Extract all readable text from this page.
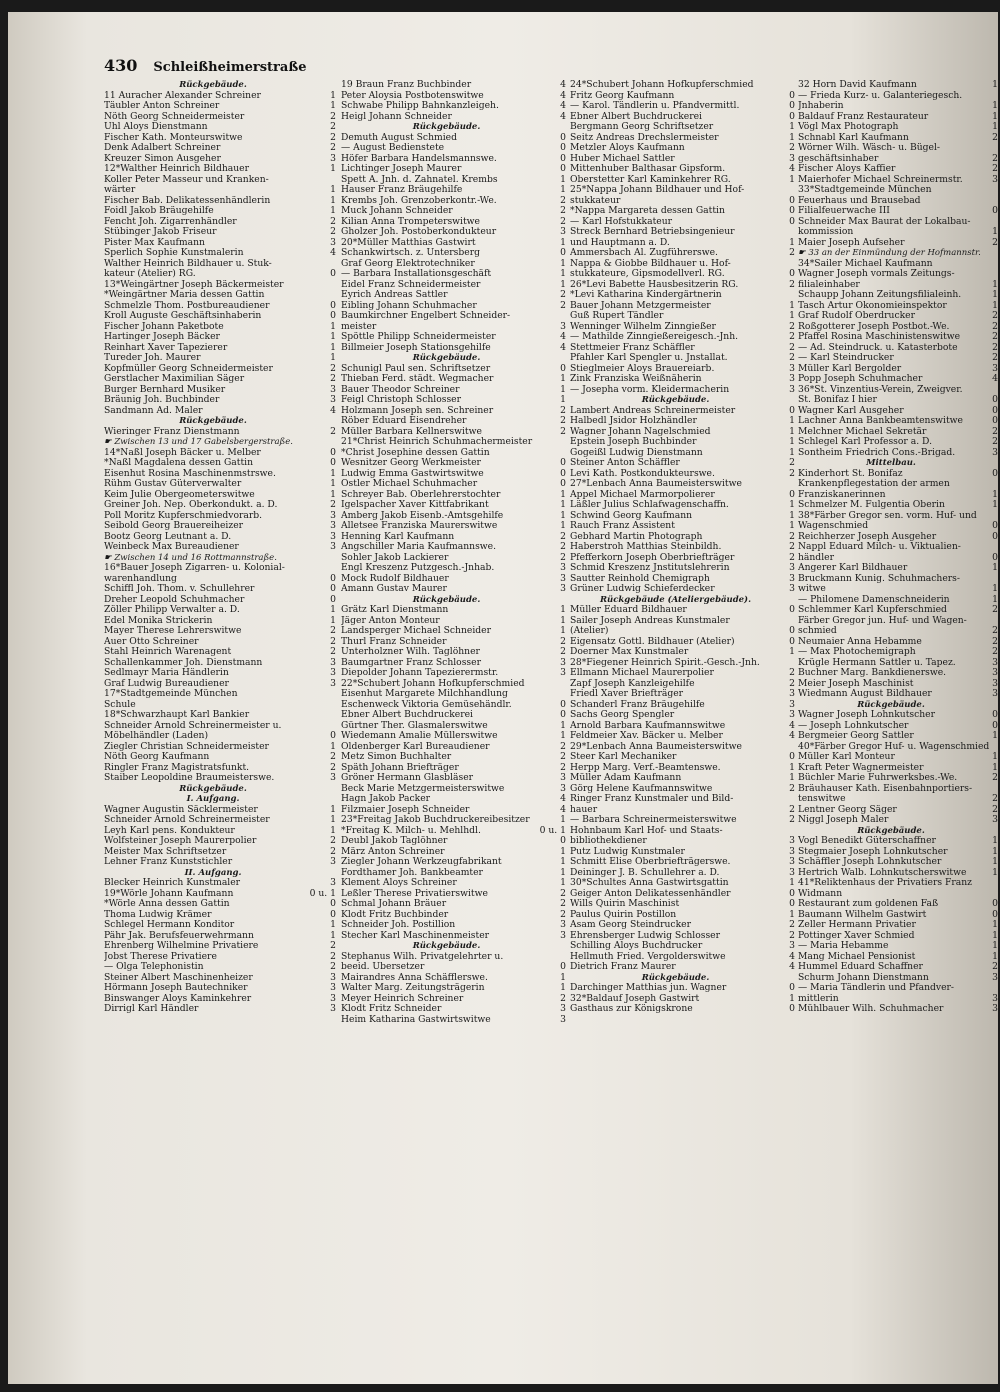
430 Schleißheimerstraße
Rückgebäude.
11 Auracher Alexander Schreiner	1
Täubler Anton Schreiner	1
Nöth Georg Schneidermeister	2
Uhl Aloys Dienstmann	2
Fischer Kath. Monteurswitwe	2
Denk Adalbert Schreiner	2
Kreuzer Simon Ausgeher	3
12*Walther Heinrich Bildhauer	1
Koller Peter Masseur und Kranken-
wärter	1
Fischer Bab. Delikatessenhändlerin	1
Foidl Jakob Bräugehilfe	1
Fencht Joh. Zigarrenhändler	2
Stübinger Jakob Friseur	2
Pister Max Kaufmann	3
Sperlich Sophie Kunstmalerin	4
Walther Heinrich Bildhauer u. Stuk-
kateur (Atelier) RG.	0
13*Weingärtner Joseph Bäckermeister
*Weingärtner Maria dessen Gattin
Schmelzle Thom. Postbureaudiener	0
Kroll Auguste Geschäftsinhaberin	0
Fischer Johann Paketbote	1
Hartinger Joseph Bäcker	1
Reinhart Xaver Tapezierer	1
Tureder Joh. Maurer	1
Kopfmüller Georg Schneidermeister	2
Gerstlacher Maximilian Säger	2
Burger Bernhard Musiker	3
Bräunig Joh. Buchbinder	3
Sandmann Ad. Maler	4
Rückgebäude.
Wieringer Franz Dienstmann	2
☛ Zwischen 13 und 17 Gabelsbergerstraße.
14*Naßl Joseph Bäcker u. Melber	0
*Naßl Magdalena dessen Gattin	0
Eisenhut Rosina Maschinenmstrswe.	1
Rühm Gustav Güterverwalter	1
Keim Julie Obergeometerswitwe	1
Greiner Joh. Nep. Oberkondukt. a. D.	2
Poll Moritz Kupferschmiedvorarb.	3
Seibold Georg Brauereiheizer	3
Bootz Georg Leutnant a. D.	3
Weinbeck Max Bureaudiener	3
☛ Zwischen 14 und 16 Rottmannstraße.
16*Bauer Joseph Zigarren- u. Kolonial-
warenhandlung	0
Schiffl Joh. Thom. v. Schullehrer	0
Dreher Leopold Schuhmacher	0
Zöller Philipp Verwalter a. D.	1
Edel Monika Strickerin	1
Mayer Therese Lehrerswitwe	2
Auer Otto Schreiner	2
Stahl Heinrich Warenagent	2
Schallenkammer Joh. Dienstmann	3
Sedlmayr Maria Händlerin	3
Graf Ludwig Bureaudiener	3
17*Stadtgemeinde München
Schule
18*Schwarzhaupt Karl Bankier
Schneider Arnold Schreinermeister u.
Möbelhändler (Laden)	0
Ziegler Christian Schneidermeister	1
Nöth Georg Kaufmann	2
Ringler Franz Magistratsfunkt.	2
Staiber Leopoldine Braumeisterswe.	3
Rückgebäude.
I. Aufgang.
Wagner Augustin Säcklermeister	1
Schneider Arnold Schreinermeister	1
Leyh Karl pens. Kondukteur	1
Wolfsteiner Joseph Maurerpolier	2
Meister Max Schriftsetzer	2
Lehner Franz Kunststichler	3
II. Aufgang.
Blecker Heinrich Kunstmaler	3
19*Wörle Johann Kaufmann	0 u. 1
*Wörle Anna dessen Gattin	0
Thoma Ludwig Krämer	0
Schlegel Hermann Konditor	1
Pähr Jak. Berufsfeuerwehrmann	1
Ehrenberg Wilhelmine Privatiere	2
Jobst Therese Privatiere	2
— Olga Telephonistin	2
Steiner Albert Maschinenheizer	3
Hörmann Joseph Bautechniker	3
Binswanger Aloys Kaminkehrer	3
Dirrigl Karl Händler	3
19 Braun Franz Buchbinder	4
Peter Aloysia Postbotenswitwe	4
Schwabe Philipp Bahnkanzleigeh.	4
Heigl Johann Schneider	4
Rückgebäude.
Demuth August Schmied	0
— August Bedienstete	0
Höfer Barbara Handelsmannswe.	0
Lichtinger Joseph Maurer	0
Spett A. Jnh. d. Zahnatel. Krembs	1
Hauser Franz Bräugehilfe	1
Krembs Joh. Grenzoberkontr.-We.	2
Muck Johann Schneider	2
Kilian Anna Trompeterswitwe	2
Gholzer Joh. Postoberkondukteur	3
20*Müller Matthias Gastwirt	1
Schankwirtsch. z. Untersberg	0
Graf Georg Elektrotechniker	1
— Barbara Installationsgeschäft	1
Eidel Franz Schneidermeister	1
Eyrich Andreas Sattler	2
Eibling Johann Schuhmacher	2
Baumkirchner Engelbert Schneider-
meister	3
Spöttle Philipp Schneidermeister	4
Billmeier Joseph Stationsgehilfe	4
Rückgebäude.
Schunigl Paul sen. Schriftsetzer	0
Thieban Ferd. städt. Wegmacher	1
Bauer Theodor Schreiner	1
Feigl Christoph Schlosser	1
Holzmann Joseph sen. Schreiner	2
Röber Eduard Eisendreher	2
Müller Barbara Kellnerswitwe	2
21*Christ Heinrich Schuhmachermeister
*Christ Josephine dessen Gattin
Wesnitzer Georg Werkmeister	0
Ludwig Emma Gastwirtswitwe	0
Ostler Michael Schuhmacher	0
Schreyer Bab. Oberlehrerstochter	1
Igelspacher Xaver Kittfabrikant	1
Amberg Jakob Eisenb.-Amtsgehilfe	1
Alletsee Franziska Maurerswitwe	1
Henning Karl Kaufmann	2
Angschiller Maria Kaufmannswe.	2
Sohler Jakob Lackierer	2
Engl Kreszenz Putzgesch.-Jnhab.	3
Mock Rudolf Bildhauer	3
Amann Gustav Maurer	3
Rückgebäude.
Grätz Karl Dienstmann	1
Jäger Anton Monteur	1
Landsperger Michael Schneider	1
Thurl Franz Schneider	2
Unterholzner Wilh. Taglöhner	2
Baumgartner Franz Schlosser	3
Diepolder Johann Tapezierermstr.	3
22*Schubert Johann Hofkupferschmied
Eisenhut Margarete Milchhandlung
Eschenweck Viktoria Gemüsehändlr.	0
Ebner Albert Buchdruckerei	0
Gürtner Ther. Glasmalerswitwe	1
Wiedemann Amalie Müllerswitwe	1
Oldenberger Karl Bureaudiener	2
Metz Simon Buchhalter	2
Späth Johann Briefträger	2
Gröner Hermann Glasbläser	3
Beck Marie Metzgermeisterswitwe	3
Hagn Jakob Packer	4
Filzmaier Joseph Schneider	4
23*Freitag Jakob Buchdruckereibesitzer	1
*Freitag K. Milch- u. Mehlhdl.	0 u. 1
Deubl Jakob Taglöhner	0
März Anton Schreiner	1
Ziegler Johann Werkzeugfabrikant	1
Fordthamer Joh. Bankbeamter	1
Klement Aloys Schreiner	1
Leßler Therese Privatierswitwe	2
Schmal Johann Bräuer	2
Klodt Fritz Buchbinder	2
Schneider Joh. Postillion	3
Stecher Karl Maschinenmeister	3
Rückgebäude.
Stephanus Wilh. Privatgelehrter u.
beeid. Übersetzer	0
Mairandres Anna Schäfflerswe.	1
Walter Marg. Zeitungsträgerin	1
Meyer Heinrich Schreiner	2
Klodt Fritz Schneider	3
Heim Katharina Gastwirtswitwe	3
24*Schubert Johann Hofkupferschmied
Fritz Georg Kaufmann	0
— Karol. Tändlerin u. Pfandvermittl.	0
Ebner Albert Buchdruckerei	0
Bergmann Georg Schriftsetzer	1
Seitz Andreas Drechslermeister	1
Metzler Aloys Kaufmann	2
Huber Michael Sattler	3
Mittenhuber Balthasar Gipsform.	4
Oberstetter Karl Kaminkehrer RG.	1
25*Nappa Johann Bildhauer und Hof-
stukkateur	0
*Nappa Margareta dessen Gattin	0
— Karl Hofstukkateur	0
Streck Bernhard Betriebsingenieur
und Hauptmann a. D.	1
Ammersbach Al. Zugführerswe.	2
Nappa & Giobbe Bildhauer u. Hof-
stukkateure, Gipsmodellverl. RG.	0
26*Levi Babette Hausbesitzerin RG.	2
*Levi Katharina Kindergärtnerin
Bauer Johann Metzgermeister	1
Guß Rupert Tändler	1
Wenninger Wilhelm Zinngießer	2
— Mathilde Zinngießereigesch.-Jnh.	2
Stettmeier Franz Schäffler	2
Pfahler Karl Spengler u. Jnstallat.	2
Stieglmeier Aloys Brauereiarb.	3
Zink Franziska Weißnäherin	3
— Josepha vorm. Kleidermacherin	3
Rückgebäude.
Lambert Andreas Schreinermeister	0
Halbedl Jsidor Holzhändler	1
Wagner Johann Nagelschmied	1
Epstein Joseph Buchbinder	1
Gogeißl Ludwig Dienstmann	1
Steiner Anton Schäffler	2
Levi Kath. Postkondukteurswe.	2
27*Lenbach Anna Baumeisterswitwe
Appel Michael Marmorpolierer	0
Läßler Julius Schlafwagenschaffn.	1
Schwind Georg Kaufmann	1
Rauch Franz Assistent	1
Gebhard Martin Photograph	2
Haberstroh Matthias Steinbildh.	2
Pfefferkorn Joseph Oberbriefträger	2
Schmid Kreszenz Jnstitutslehrerin	3
Sautter Reinhold Chemigraph	3
Grüner Ludwig Schieferdecker	3
Rückgebäude (Ateliergebäude).
Müller Eduard Bildhauer	0
Sailer Joseph Andreas Kunstmaler
(Atelier)	0
Eigensatz Gottl. Bildhauer (Atelier)	0
Doerner Max Kunstmaler	1
28*Fiegener Heinrich Spirit.-Gesch.-Jnh.
Ellmann Michael Maurerpolier	2
Zapf Joseph Kanzleigehilfe	2
Friedl Xaver Briefträger	3
Schanderl Franz Bräugehilfe	3
Sachs Georg Spengler	3
Arnold Barbara Kaufmannswitwe	4
Feldmeier Xav. Bäcker u. Melber	4
29*Lenbach Anna Baumeisterswitwe
Steer Karl Mechaniker	0
Herpp Marg. Verf.-Beamtenswe.	1
Müller Adam Kaufmann	1
Görg Helene Kaufmannswitwe	2
Ringer Franz Kunstmaler und Bild-
hauer	2
— Barbara Schreinermeisterswitwe	2
Hohnbaum Karl Hof- und Staats-
bibliothekdiener	3
Putz Ludwig Kunstmaler	3
Schmitt Elise Oberbriefträgerswe.	3
Deininger J. B. Schullehrer a. D.	3
30*Schultes Anna Gastwirtsgattin	1
Geiger Anton Delikatessenhändler	0
Wills Quirin Maschinist	0
Paulus Quirin Postillon	1
Asam Georg Steindrucker	2
Ehrensberger Ludwig Schlosser	2
Schilling Aloys Buchdrucker	3
Hellmuth Fried. Vergolderswitwe	4
Dietrich Franz Maurer	4
Rückgebäude.
Darchinger Matthias jun. Wagner	0
32*Baldauf Joseph Gastwirt	1
Gasthaus zur Königskrone	0
32 Horn David Kaufmann	1
— Frieda Kurz- u. Galanteriegesch.
Jnhaberin	1
Baldauf Franz Restaurateur	1
Vögl Max Photograph	1
Schnabl Karl Kaufmann	2
Wörner Wilh. Wäsch- u. Bügel-
geschäftsinhaber	2
Fischer Aloys Kaffier	2
Maierhofer Michael Schreinermstr.	3
33*Stadtgemeinde München
Feuerhaus und Brausebad
Filialfeuerwache III	0
Schneider Max Baurat der Lokalbau-
kommission	1
Maier Joseph Aufseher	2
☛ 33 an der Einmündung der Hofmannstr.
34*Sailer Michael Kaufmann
Wagner Joseph vormals Zeitungs-
filialeinhaber	1
Schaupp Johann Zeitungsfilialeinh.	1
Tasch Artur Ökonomieinspektor	1
Graf Rudolf Oberdrucker	2
Roßgotterer Joseph Postbot.-We.	2
Pfaffel Rosina Maschinistenswitwe	2
— Ad. Steindruck. u. Katasterbote	2
— Karl Steindrucker	2
Müller Karl Bergolder	3
Popp Joseph Schuhmacher	4
36*St. Vinzentius-Verein, Zweigver.
St. Bonifaz I hier	0
Wagner Karl Ausgeher	0
Lachner Anna Bankbeamtenswitwe	0
Melchner Michael Sekretär	2
Schlegel Karl Professor a. D.	2
Sontheim Friedrich Cons.-Brigad.	3
Mittelbau.
Kinderhort St. Bonifaz	0
Krankenpflegestation der armen
Franziskanerinnen	1
Schmelzer M. Fulgentia Oberin	1
38*Färber Gregor sen. vorm. Huf- und
Wagenschmied	0
Reichherzer Joseph Ausgeher	0
Nappl Eduard Milch- u. Viktualien-
händler	0
Angerer Karl Bildhauer	1
Bruckmann Kunig. Schuhmachers-
witwe	1
— Philomene Damenschneiderin	1
Schlemmer Karl Kupferschmied	2
Färber Gregor jun. Huf- und Wagen-
schmied	2
Neumaier Anna Hebamme	2
— Max Photochemigraph	2
Krügle Hermann Sattler u. Tapez.	3
Buchner Marg. Bankdienerswe.	3
Meier Joseph Maschinist	3
Wiedmann August Bildhauer	3
Rückgebäude.
Wagner Joseph Lohnkutscher	0
— Joseph Lohnkutscher	0
Bergmeier Georg Sattler	1
40*Färber Gregor Huf- u. Wagenschmied
Müller Karl Monteur	1
Kraft Peter Wagnermeister	1
Büchler Marie Fuhrwerksbes.-We.	2
Bräuhauser Kath. Eisenbahnportiers-
tenswitwe	2
Lentner Georg Säger	2
Niggl Joseph Maler	3
Rückgebäude.
Vogl Benedikt Güterschaffner	1
Stegmaier Joseph Lohnkutscher	1
Schäffler Joseph Lohnkutscher	1
Hertrich Walb. Lohnkutscherswitwe	1
41*Reliktenhaus der Privatiers Franz
Widmann
Restaurant zum goldenen Faß	0
Baumann Wilhelm Gastwirt	0
Zeller Hermann Privatier	1
Pottinger Xaver Schmied	1
— Maria Hebamme	1
Mang Michael Pensionist	1
Hummel Eduard Schaffner	2
Schurm Johann Dienstmann	3
— Maria Tändlerin und Pfandver-
mittlerin	3
Mühlbauer Wilh. Schuhmacher	3
